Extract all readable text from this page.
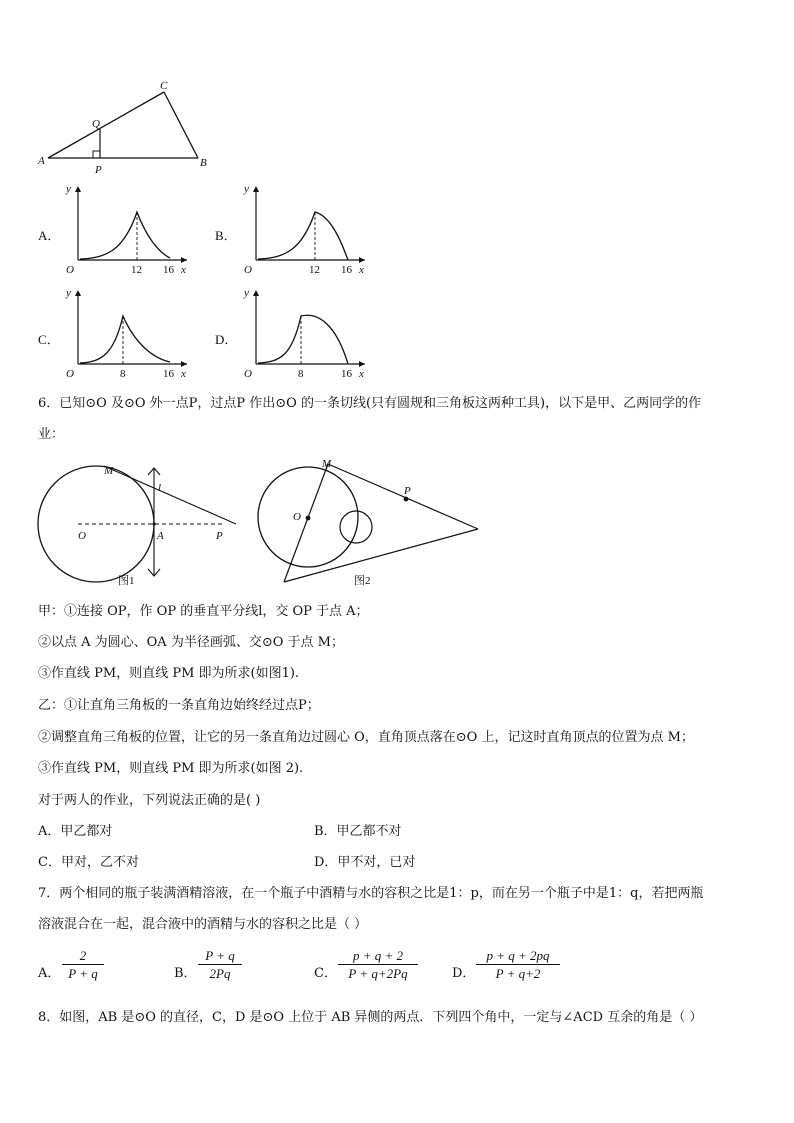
A	B
C
Q
P
A．
y
O	12 16 x
B．
y
O	12 16 x
C．
y
O	8	16 x
D．
y
O	8	16 x
6．已知⊙O 及⊙O 外一点P，过点P 作出⊙O 的一条切线(只有圆规和三角板这两种工具)，以下是甲、乙两同学的作
业：
M
l
O	A	P
图1
M
P
O
图2
甲：①连接 OP，作 OP 的垂直平分线l，交 OP 于点 A；
②以点 A 为圆心、OA 为半径画弧、交⊙O 于点 M；
③作直线 PM，则直线 PM 即为所求(如图1).
乙：①让直角三角板的一条直角边始终经过点P；
②调整直角三角板的位置，让它的另一条直角边过圆心 O，直角顶点落在⊙O 上，记这时直角顶点的位置为点 M；
③作直线 PM，则直线 PM 即为所求(如图 2).
对于两人的作业，下列说法正确的是( )
A．甲乙都对	B．甲乙都不对
C．甲对，乙不对	D．甲不对，已对
7．两个相同的瓶子装满酒精溶液，在一个瓶子中酒精与水的容积之比是1：p，而在另一个瓶子中是1：q，若把两瓶
溶液混合在一起，混合液中的酒精与水的容积之比是（ ）
A． $\frac{2}{P + q}$	B． $\frac{P + q}{2Pq}$	C． $\frac{p + q + 2}{P + q+2Pq}$	D． $\frac{p + q + 2pq}{P + q+2}$
8．如图，AB 是⊙O 的直径，C，D 是⊙O 上位于 AB 异侧的两点．下列四个角中，一定与∠ACD 互余的角是（ ）
